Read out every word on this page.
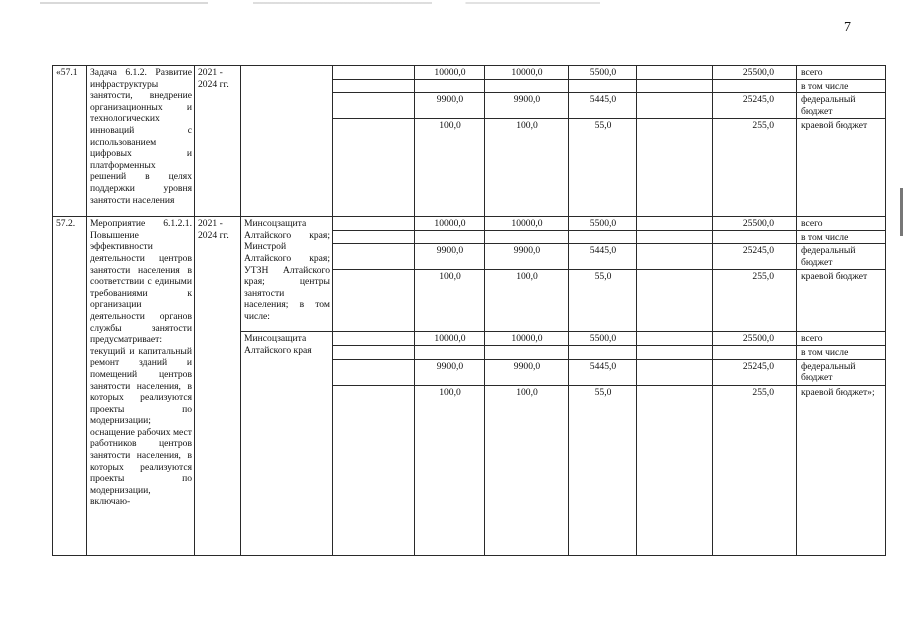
7
«57.1	Задача 6.1.2. Развитие инфраструктуры занятости, внедрение организационных и технологических инноваций с использованием цифровых и платформенных решений в целях поддержки уровня занятости населения	2021 - 2024 гг.			10000,0	10000,0	5500,0		25500,0	всего
										в том числе
					9900,0	9900,0	5445,0		25245,0	федеральный бюджет
					100,0	100,0	55,0		255,0	краевой бюджет
57.2.	Мероприятие 6.1.2.1. Повышение эффективности деятельности центров занятости населения в соответствии с едиными требованиями к организации деятельности органов службы занятости предусматривает: текущий и капитальный ремонт зданий и помещений центров занятости населения, в которых реализуются проекты по модернизации; оснащение рабочих мест работников центров занятости населения, в которых реализуются проекты по модернизации, включаю-	2021 - 2024 гг.	Минсоцзащита Алтайского края; Минстрой Алтайского края; УТЗН Алтайского края; центры занятости населения; в том числе:		10000,0	10000,0	5500,0		25500,0	всего
										в том числе
					9900,0	9900,0	5445,0		25245,0	федеральный бюджет
					100,0	100,0	55,0		255,0	краевой бюджет
			Минсоцзащита Алтайского края		10000,0	10000,0	5500,0		25500,0	всего
										в том числе
					9900,0	9900,0	5445,0		25245,0	федеральный бюджет
					100,0	100,0	55,0		255,0	краевой бюджет»;
